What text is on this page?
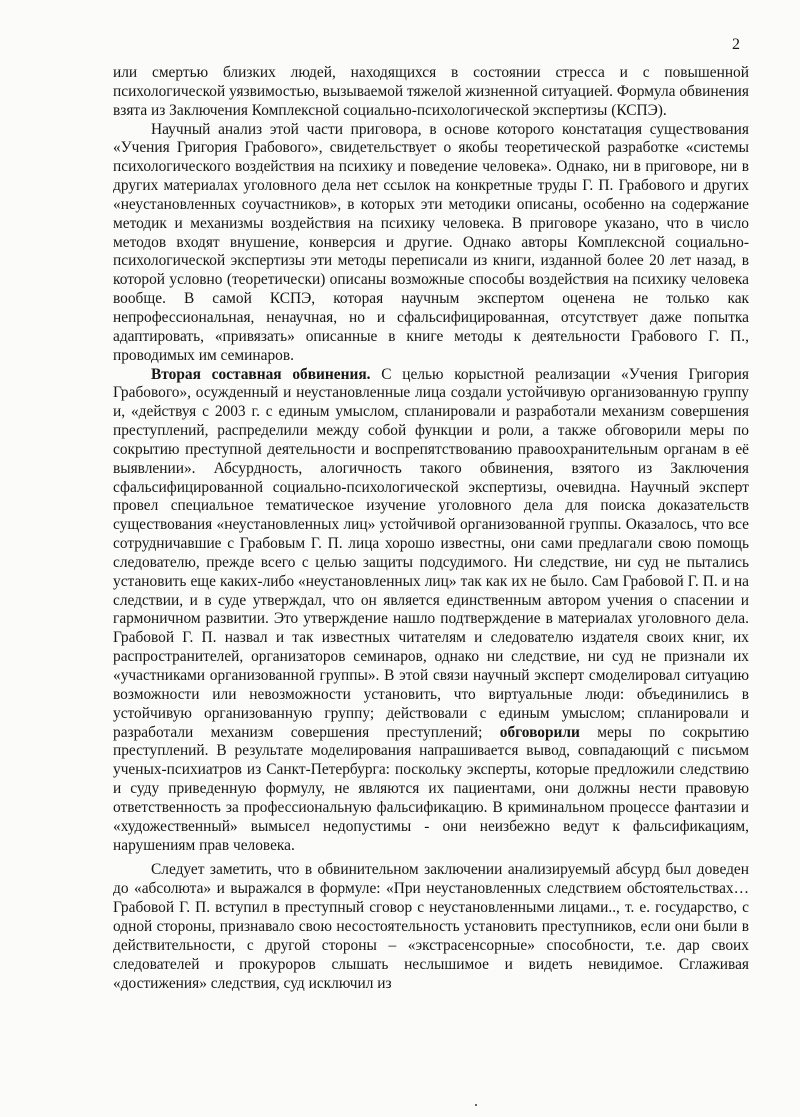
2

или смертью близких людей, находящихся в состоянии стресса и с повышенной психологической уязвимостью, вызываемой тяжелой жизненной ситуацией. Формула обвинения взята из Заключения Комплексной социально-психологической экспертизы (КСПЭ).

Научный анализ этой части приговора, в основе которого констатация существования «Учения Григория Грабового», свидетельствует о якобы теоретической разработке «системы психологического воздействия на психику и поведение человека». Однако, ни в приговоре, ни в других материалах уголовного дела нет ссылок на конкретные труды Г. П. Грабового и других «неустановленных соучастников», в которых эти методики описаны, особенно на содержание методик и механизмы воздействия на психику человека. В приговоре указано, что в число методов входят внушение, конверсия и другие. Однако авторы Комплексной социально-психологической экспертизы эти методы переписали из книги, изданной более 20 лет назад, в которой условно (теоретически) описаны возможные способы воздействия на психику человека вообще. В самой КСПЭ, которая научным экспертом оценена не только как непрофессиональная, ненаучная, но и сфальсифицированная, отсутствует даже попытка адаптировать, «привязать» описанные в книге методы к деятельности Грабового Г. П., проводимых им семинаров.

Вторая составная обвинения. С целью корыстной реализации «Учения Григория Грабового», осужденный и неустановленные лица создали устойчивую организованную группу и, «действуя с 2003 г. с единым умыслом, спланировали и разработали механизм совершения преступлений, распределили между собой функции и роли, а также обговорили меры по сокрытию преступной деятельности и воспрепятствованию правоохранительным органам в её выявлении». Абсурдность, алогичность такого обвинения, взятого из Заключения сфальсифицированной социально-психологической экспертизы, очевидна. Научный эксперт провел специальное тематическое изучение уголовного дела для поиска доказательств существования «неустановленных лиц» устойчивой организованной группы. Оказалось, что все сотрудничавшие с Грабовым Г. П. лица хорошо известны, они сами предлагали свою помощь следователю, прежде всего с целью защиты подсудимого. Ни следствие, ни суд не пытались установить еще каких-либо «неустановленных лиц» так как их не было. Сам Грабовой Г. П. и на следствии, и в суде утверждал, что он является единственным автором учения о спасении и гармоничном развитии. Это утверждение нашло подтверждение в материалах уголовного дела. Грабовой Г. П. назвал и так известных читателям и следователю издателя своих книг, их распространителей, организаторов семинаров, однако ни следствие, ни суд не признали их «участниками организованной группы». В этой связи научный эксперт смоделировал ситуацию возможности или невозможности установить, что виртуальные люди: объединились в устойчивую организованную группу; действовали с единым умыслом; спланировали и разработали механизм совершения преступлений; обговорили меры по сокрытию преступлений. В результате моделирования напрашивается вывод, совпадающий с письмом ученых-психиатров из Санкт-Петербурга: поскольку эксперты, которые предложили следствию и суду приведенную формулу, не являются их пациентами, они должны нести правовую ответственность за профессиональную фальсификацию. В криминальном процессе фантазии и «художественный» вымысел недопустимы - они неизбежно ведут к фальсификациям, нарушениям прав человека.

Следует заметить, что в обвинительном заключении анализируемый абсурд был доведен до «абсолюта» и выражался в формуле: «При неустановленных следствием обстоятельствах… Грабовой Г. П. вступил в преступный сговор с неустановленными лицами.., т. е. государство, с одной стороны, признавало свою несостоятельность установить преступников, если они были в действительности, с другой стороны – «экстрасенсорные» способности, т.е. дар своих следователей и прокуроров слышать неслышимое и видеть невидимое. Сглаживая «достижения» следствия, суд исключил из
